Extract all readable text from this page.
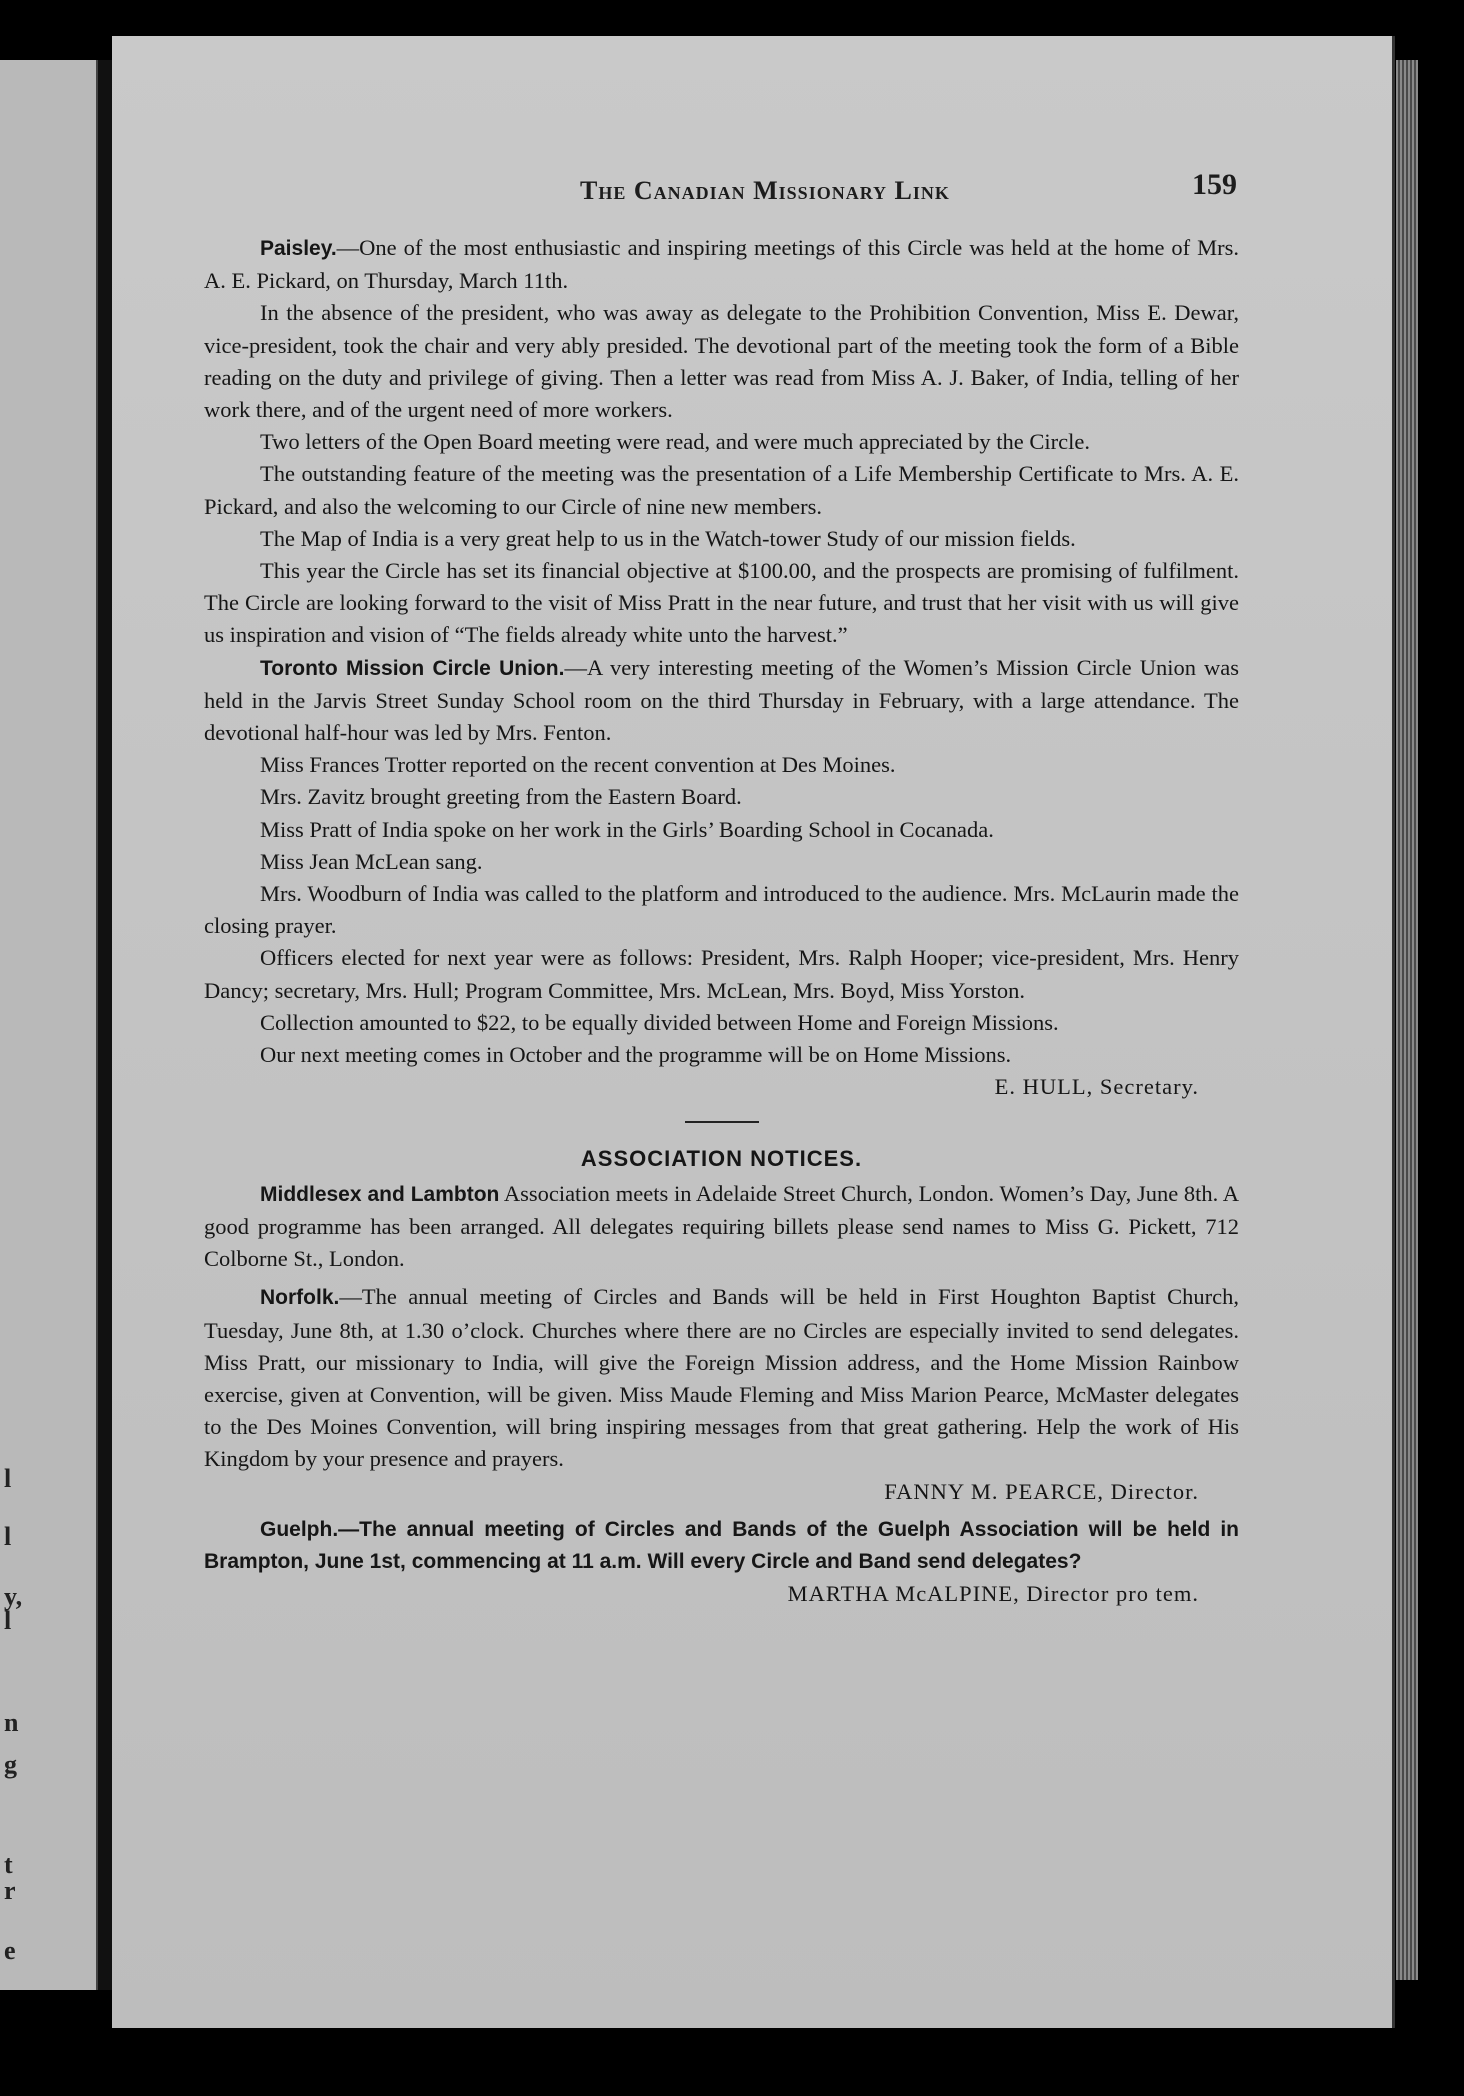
l
l
y,
l
n
g
t
r
e
The Canadian Missionary Link	159

Paisley.—One of the most enthusiastic and inspiring meetings of this Circle was held at the home of Mrs. A. E. Pickard, on Thursday, March 11th.

In the absence of the president, who was away as delegate to the Prohibition Convention, Miss E. Dewar, vice-president, took the chair and very ably presided. The devotional part of the meeting took the form of a Bible reading on the duty and privilege of giving. Then a letter was read from Miss A. J. Baker, of India, telling of her work there, and of the urgent need of more workers.

Two letters of the Open Board meeting were read, and were much appreciated by the Circle.

The outstanding feature of the meeting was the presentation of a Life Membership Certificate to Mrs. A. E. Pickard, and also the welcoming to our Circle of nine new members.

The Map of India is a very great help to us in the Watch-tower Study of our mission fields.

This year the Circle has set its financial objective at $100.00, and the prospects are promising of fulfilment. The Circle are looking forward to the visit of Miss Pratt in the near future, and trust that her visit with us will give us inspiration and vision of “The fields already white unto the harvest.”

Toronto Mission Circle Union.—A very interesting meeting of the Women’s Mission Circle Union was held in the Jarvis Street Sunday School room on the third Thursday in February, with a large attendance. The devotional half-hour was led by Mrs. Fenton.

Miss Frances Trotter reported on the recent convention at Des Moines.

Mrs. Zavitz brought greeting from the Eastern Board.

Miss Pratt of India spoke on her work in the Girls’ Boarding School in Cocanada.

Miss Jean McLean sang.

Mrs. Woodburn of India was called to the platform and introduced to the audience. Mrs. McLaurin made the closing prayer.

Officers elected for next year were as follows: President, Mrs. Ralph Hooper; vice-president, Mrs. Henry Dancy; secretary, Mrs. Hull; Program Committee, Mrs. McLean, Mrs. Boyd, Miss Yorston.

Collection amounted to $22, to be equally divided between Home and Foreign Missions.

Our next meeting comes in October and the programme will be on Home Missions.

E. HULL, Secretary.

ASSOCIATION NOTICES.

Middlesex and Lambton Association meets in Adelaide Street Church, London. Women’s Day, June 8th. A good programme has been arranged. All delegates requiring billets please send names to Miss G. Pickett, 712 Colborne St., London.

Norfolk.—The annual meeting of Circles and Bands will be held in First Houghton Baptist Church, Tuesday, June 8th, at 1.30 o’clock. Churches where there are no Circles are especially invited to send delegates. Miss Pratt, our missionary to India, will give the Foreign Mission address, and the Home Mission Rainbow exercise, given at Convention, will be given. Miss Maude Fleming and Miss Marion Pearce, McMaster delegates to the Des Moines Convention, will bring inspiring messages from that great gathering. Help the work of His Kingdom by your presence and prayers.

FANNY M. PEARCE, Director.

Guelph.—The annual meeting of Circles and Bands of the Guelph Association will be held in Brampton, June 1st, commencing at 11 a.m. Will every Circle and Band send delegates?

MARTHA McALPINE, Director pro tem.
